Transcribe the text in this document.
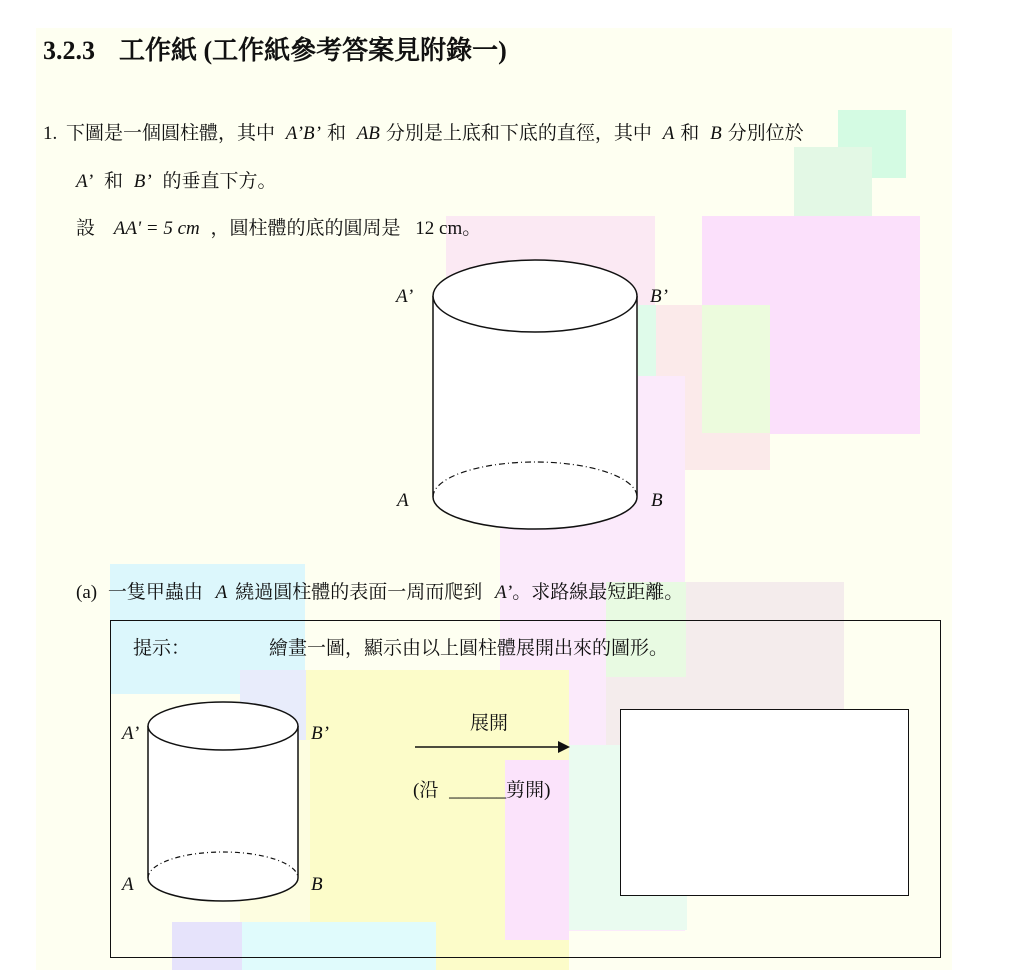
3.2.3 工作紙 (工作紙參考答案見附錄一)
1. 下圖是一個圓柱體，其中 A’B’ 和 AB 分別是上底和下底的直徑，其中 A 和 B 分別位於
A’ 和 B’ 的垂直下方。
設 AA' = 5 cm ，圓柱體的底的圓周是 12 cm。
A’	B’
A	B
(a) 一隻甲蟲由 A 繞過圓柱體的表面一周而爬到 A’。求路線最短距離。
提示：	繪畫一圖，顯示由以上圓柱體展開出來的圖形。
A’	B’
A	B
展開
(沿 ______剪開)
